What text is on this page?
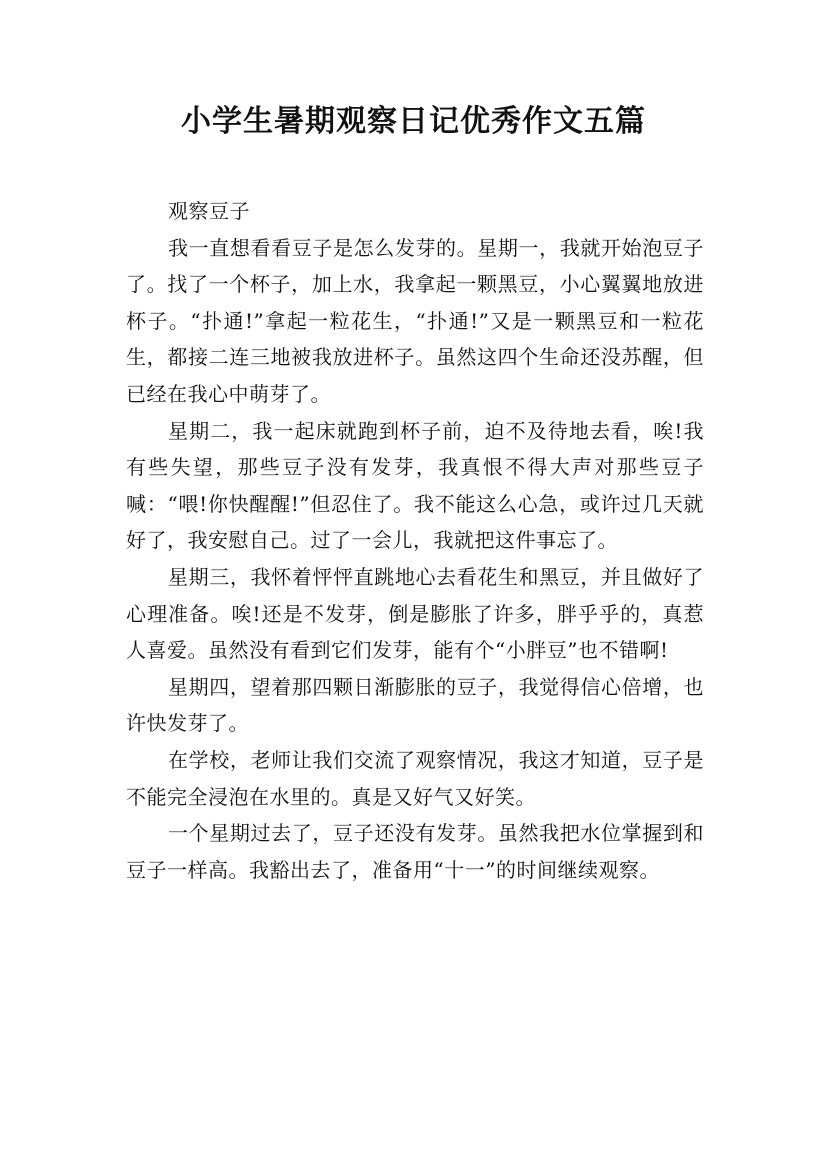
小学生暑期观察日记优秀作文五篇

观察豆子

我一直想看看豆子是怎么发芽的。星期一，我就开始泡豆子了。找了一个杯子，加上水，我拿起一颗黑豆，小心翼翼地放进杯子。“扑通!”拿起一粒花生，“扑通!”又是一颗黑豆和一粒花生，都接二连三地被我放进杯子。虽然这四个生命还没苏醒，但已经在我心中萌芽了。

星期二，我一起床就跑到杯子前，迫不及待地去看，唉!我有些失望，那些豆子没有发芽，我真恨不得大声对那些豆子喊：“喂!你快醒醒!”但忍住了。我不能这么心急，或许过几天就好了，我安慰自己。过了一会儿，我就把这件事忘了。

星期三，我怀着怦怦直跳地心去看花生和黑豆，并且做好了心理准备。唉!还是不发芽，倒是膨胀了许多，胖乎乎的，真惹人喜爱。虽然没有看到它们发芽，能有个“小胖豆”也不错啊!

星期四，望着那四颗日渐膨胀的豆子，我觉得信心倍增，也许快发芽了。

在学校，老师让我们交流了观察情况，我这才知道，豆子是不能完全浸泡在水里的。真是又好气又好笑。

一个星期过去了，豆子还没有发芽。虽然我把水位掌握到和豆子一样高。我豁出去了，准备用“十一”的时间继续观察。
